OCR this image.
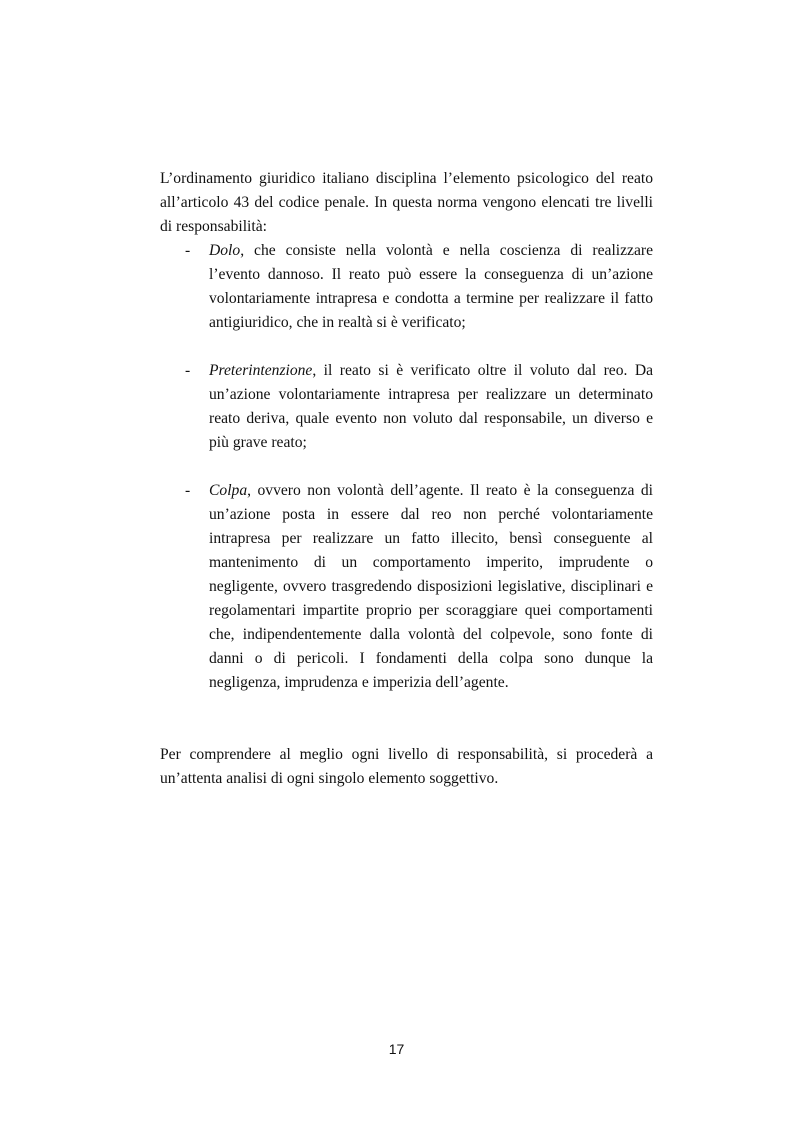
L’ordinamento giuridico italiano disciplina l’elemento psicologico del reato all’articolo 43 del codice penale. In questa norma vengono elencati tre livelli di responsabilità:

- Dolo, che consiste nella volontà e nella coscienza di realizzare l’evento dannoso. Il reato può essere la conseguenza di un’azione volontariamente intrapresa e condotta a termine per realizzare il fatto antigiuridico, che in realtà si è verificato;
- Preterintenzione, il reato si è verificato oltre il voluto dal reo. Da un’azione volontariamente intrapresa per realizzare un determinato reato deriva, quale evento non voluto dal responsabile, un diverso e più grave reato;
- Colpa, ovvero non volontà dell’agente. Il reato è la conseguenza di un’azione posta in essere dal reo non perché volontariamente intrapresa per realizzare un fatto illecito, bensì conseguente al mantenimento di un comportamento imperito, imprudente o negligente, ovvero trasgredendo disposizioni legislative, disciplinari e regolamentari impartite proprio per scoraggiare quei comportamenti che, indipendentemente dalla volontà del colpevole, sono fonte di danni o di pericoli. I fondamenti della colpa sono dunque la negligenza, imprudenza e imperizia dell’agente.

Per comprendere al meglio ogni livello di responsabilità, si procederà a un’attenta analisi di ogni singolo elemento soggettivo.

17
